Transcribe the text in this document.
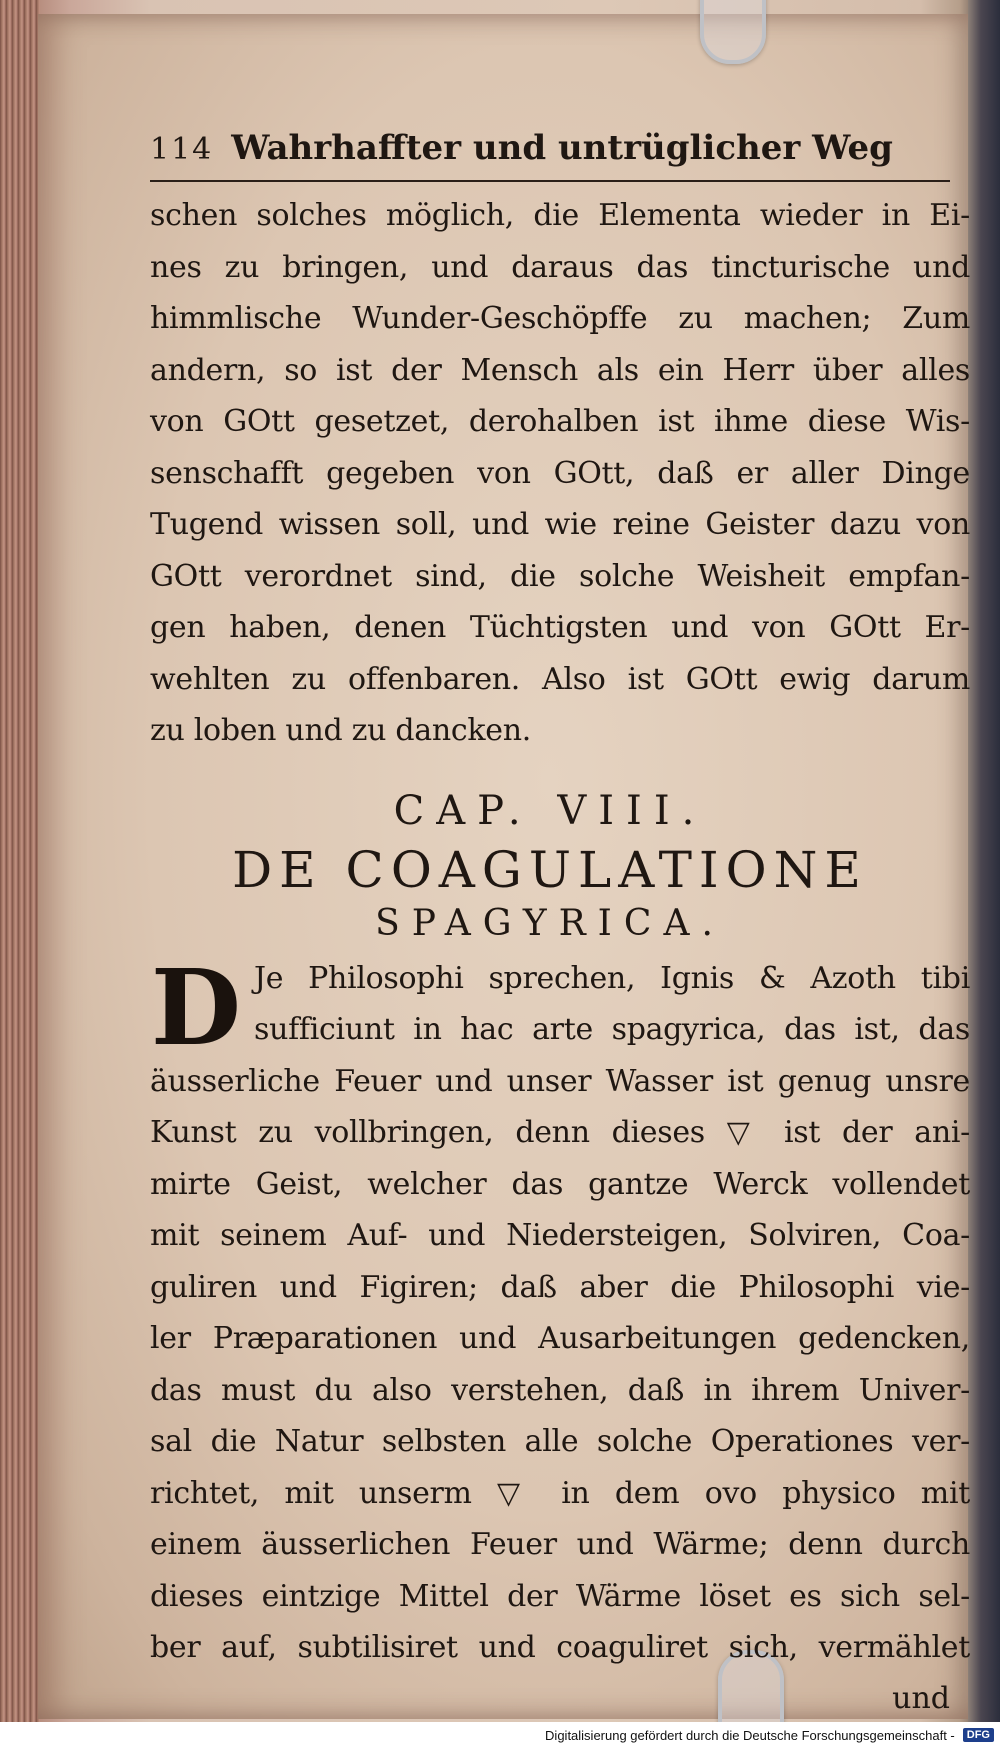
114 Wahrhaffter und untrüglicher Weg
schen solches möglich, die Elementa wieder in Ei-
nes zu bringen, und daraus das tincturische und
himmlische Wunder-Geschöpffe zu machen; Zum
andern, so ist der Mensch als ein Herr über alles
von GOtt gesetzet, derohalben ist ihme diese Wis-
senschafft gegeben von GOtt, daß er aller Dinge
Tugend wissen soll, und wie reine Geister dazu von
GOtt verordnet sind, die solche Weisheit empfan-
gen haben, denen Tüchtigsten und von GOtt Er-
wehlten zu offenbaren. Also ist GOtt ewig darum
zu loben und zu dancken.
CAP. VIII.
DE COAGULATIONE
SPAGYRICA.
D Je Philosophi sprechen, Ignis & Azoth tibi
sufficiunt in hac arte spagyrica, das ist, das
äusserliche Feuer und unser Wasser ist genug unsre
Kunst zu vollbringen, denn dieses ▽ ist der ani-
mirte Geist, welcher das gantze Werck vollendet
mit seinem Auf- und Niedersteigen, Solviren, Coa-
guliren und Figiren; daß aber die Philosophi vie-
ler Præparationen und Ausarbeitungen gedencken,
das must du also verstehen, daß in ihrem Univer-
sal die Natur selbsten alle solche Operationes ver-
richtet, mit unserm ▽ in dem ovo physico mit
einem äusserlichen Feuer und Wärme; denn durch
dieses eintzige Mittel der Wärme löset es sich sel-
ber auf, subtilisiret und coaguliret sich, vermählet
und
Digitalisierung gefördert durch die Deutsche Forschungsgemeinschaft -	DFG
